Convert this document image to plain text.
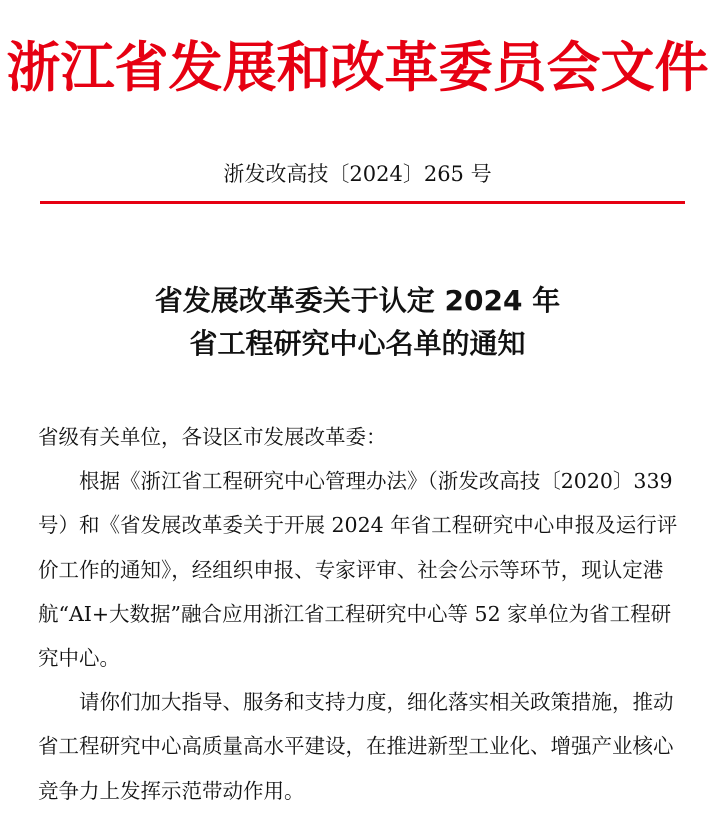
浙江省发展和改革委员会文件
浙发改高技〔2024〕265 号
省发展改革委关于认定 2024 年
省工程研究中心名单的通知

省级有关单位，各设区市发展改革委：

根据《浙江省工程研究中心管理办法》（浙发改高技〔2020〕339 号）和《省发展改革委关于开展 2024 年省工程研究中心申报及运行评价工作的通知》，经组织申报、专家评审、社会公示等环节，现认定港航“AI+大数据”融合应用浙江省工程研究中心等 52 家单位为省工程研究中心。

请你们加大指导、服务和支持力度，细化落实相关政策措施，推动省工程研究中心高质量高水平建设，在推进新型工业化、增强产业核心竞争力上发挥示范带动作用。
